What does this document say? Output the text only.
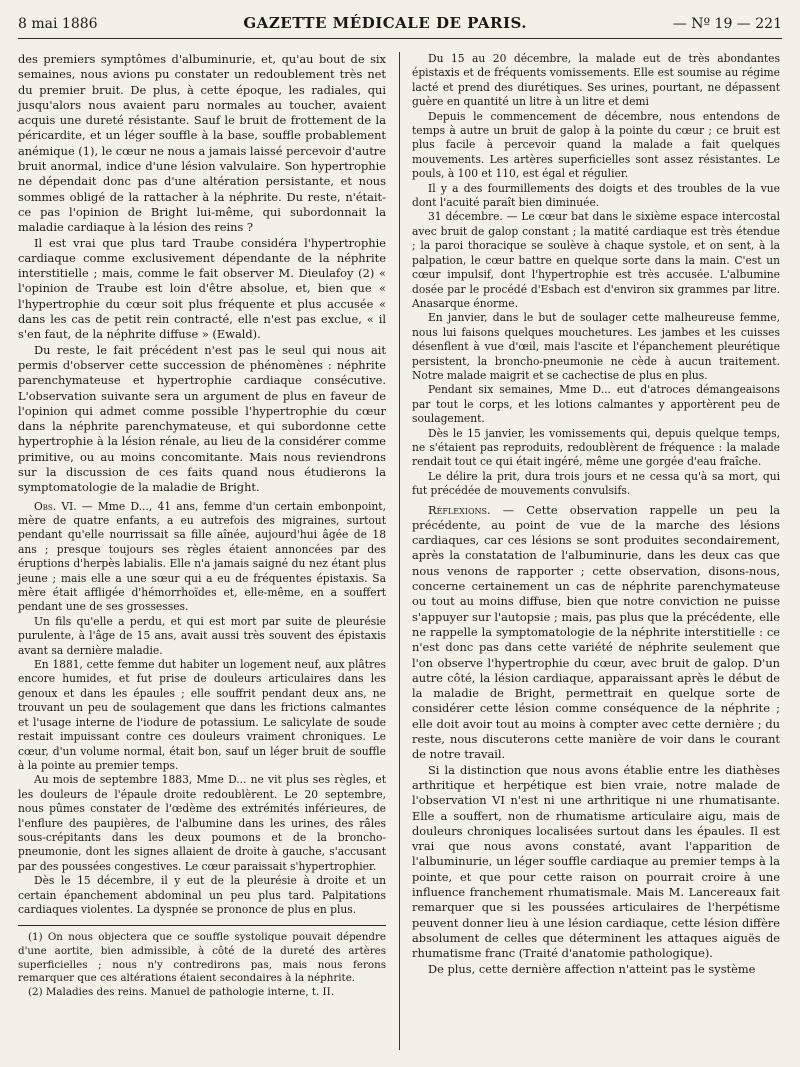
8 mai 1886	GAZETTE MÉDICALE DE PARIS.	— Nº 19 — 221

des premiers symptômes d'albuminurie, et, qu'au bout de six semaines, nous avions pu constater un redoublement très net du premier bruit. De plus, à cette époque, les radiales, qui jusqu'alors nous avaient paru normales au toucher, avaient acquis une dureté résistante. Sauf le bruit de frottement de la péricardite, et un léger souffle à la base, souffle probablement anémique (1), le cœur ne nous a jamais laissé percevoir d'autre bruit anormal, indice d'une lésion valvulaire. Son hypertrophie ne dépendait donc pas d'une altération persistante, et nous sommes obligé de la rattacher à la néphrite. Du reste, n'était-ce pas l'opinion de Bright lui-même, qui subordonnait la maladie cardiaque à la lésion des reins ?

Il est vrai que plus tard Traube considéra l'hypertrophie cardiaque comme exclusivement dépendante de la néphrite interstitielle ; mais, comme le fait observer M. Dieulafoy (2) « l'opinion de Traube est loin d'être absolue, et, bien que « l'hypertrophie du cœur soit plus fréquente et plus accusée « dans les cas de petit rein contracté, elle n'est pas exclue, « il s'en faut, de la néphrite diffuse » (Ewald).

Du reste, le fait précédent n'est pas le seul qui nous ait permis d'observer cette succession de phénomènes : néphrite parenchymateuse et hypertrophie cardiaque consécutive. L'observation suivante sera un argument de plus en faveur de l'opinion qui admet comme possible l'hypertrophie du cœur dans la néphrite parenchymateuse, et qui subordonne cette hypertrophie à la lésion rénale, au lieu de la considérer comme primitive, ou au moins concomitante. Mais nous reviendrons sur la discussion de ces faits quand nous étudierons la symptomatologie de la maladie de Bright.

Obs. VI. — Mme D..., 41 ans, femme d'un certain embonpoint, mère de quatre enfants, a eu autrefois des migraines, surtout pendant qu'elle nourrissait sa fille aînée, aujourd'hui âgée de 18 ans ; presque toujours ses règles étaient annoncées par des éruptions d'herpès labialis. Elle n'a jamais saigné du nez étant plus jeune ; mais elle a une sœur qui a eu de fréquentes épistaxis. Sa mère était affligée d'hémorrhoïdes et, elle-même, en a souffert pendant une de ses grossesses.

Un fils qu'elle a perdu, et qui est mort par suite de pleurésie purulente, à l'âge de 15 ans, avait aussi très souvent des épistaxis avant sa dernière maladie.

En 1881, cette femme dut habiter un logement neuf, aux plâtres encore humides, et fut prise de douleurs articulaires dans les genoux et dans les épaules ; elle souffrit pendant deux ans, ne trouvant un peu de soulagement que dans les frictions calmantes et l'usage interne de l'iodure de potassium. Le salicylate de soude restait impuissant contre ces douleurs vraiment chroniques. Le cœur, d'un volume normal, était bon, sauf un léger bruit de souffle à la pointe au premier temps.

Au mois de septembre 1883, Mme D... ne vit plus ses règles, et les douleurs de l'épaule droite redoublèrent. Le 20 septembre, nous pûmes constater de l'œdème des extrémités inférieures, de l'enflure des paupières, de l'albumine dans les urines, des râles sous-crépitants dans les deux poumons et de la broncho-pneumonie, dont les signes allaient de droite à gauche, s'accusant par des poussées congestives. Le cœur paraissait s'hypertrophier.

Dès le 15 décembre, il y eut de la pleurésie à droite et un certain épanchement abdominal un peu plus tard. Palpitations cardiaques violentes. La dyspnée se prononce de plus en plus.

(1) On nous objectera que ce souffle systolique pouvait dépendre d'une aortite, bien admissible, à côté de la dureté des artères superficielles ; nous n'y contredirons pas, mais nous ferons remarquer que ces altérations étaient secondaires à la néphrite.

(2) Maladies des reins. Manuel de pathologie interne, t. II.

Du 15 au 20 décembre, la malade eut de très abondantes épistaxis et de fréquents vomissements. Elle est soumise au régime lacté et prend des diurétiques. Ses urines, pourtant, ne dépassent guère en quantité un litre à un litre et demi

Depuis le commencement de décembre, nous entendons de temps à autre un bruit de galop à la pointe du cœur ; ce bruit est plus facile à percevoir quand la malade a fait quelques mouvements. Les artères superficielles sont assez résistantes. Le pouls, à 100 et 110, est égal et régulier.

Il y a des fourmillements des doigts et des troubles de la vue dont l'acuité paraît bien diminuée.

31 décembre. — Le cœur bat dans le sixième espace intercostal avec bruit de galop constant ; la matité cardiaque est très étendue ; la paroi thoracique se soulève à chaque systole, et on sent, à la palpation, le cœur battre en quelque sorte dans la main. C'est un cœur impulsif, dont l'hypertrophie est très accusée. L'albumine dosée par le procédé d'Esbach est d'environ six grammes par litre. Anasarque énorme.

En janvier, dans le but de soulager cette malheureuse femme, nous lui faisons quelques mouchetures. Les jambes et les cuisses désenflent à vue d'œil, mais l'ascite et l'épanchement pleurétique persistent, la broncho-pneumonie ne cède à aucun traitement. Notre malade maigrit et se cachectise de plus en plus.

Pendant six semaines, Mme D... eut d'atroces démangeaisons par tout le corps, et les lotions calmantes y apportèrent peu de soulagement.

Dès le 15 janvier, les vomissements qui, depuis quelque temps, ne s'étaient pas reproduits, redoublèrent de fréquence : la malade rendait tout ce qui était ingéré, même une gorgée d'eau fraîche.

Le délire la prit, dura trois jours et ne cessa qu'à sa mort, qui fut précédée de mouvements convulsifs.

Réflexions. — Cette observation rappelle un peu la précédente, au point de vue de la marche des lésions cardiaques, car ces lésions se sont produites secondairement, après la constatation de l'albuminurie, dans les deux cas que nous venons de rapporter ; cette observation, disons-nous, concerne certainement un cas de néphrite parenchymateuse ou tout au moins diffuse, bien que notre conviction ne puisse s'appuyer sur l'autopsie ; mais, pas plus que la précédente, elle ne rappelle la symptomatologie de la néphrite interstitielle : ce n'est donc pas dans cette variété de néphrite seulement que l'on observe l'hypertrophie du cœur, avec bruit de galop. D'un autre côté, la lésion cardiaque, apparaissant après le début de la maladie de Bright, permettrait en quelque sorte de considérer cette lésion comme conséquence de la néphrite ; elle doit avoir tout au moins à compter avec cette dernière ; du reste, nous discuterons cette manière de voir dans le courant de notre travail.

Si la distinction que nous avons établie entre les diathèses arthritique et herpétique est bien vraie, notre malade de l'observation VI n'est ni une arthritique ni une rhumatisante. Elle a souffert, non de rhumatisme articulaire aigu, mais de douleurs chroniques localisées surtout dans les épaules. Il est vrai que nous avons constaté, avant l'apparition de l'albuminurie, un léger souffle cardiaque au premier temps à la pointe, et que pour cette raison on pourrait croire à une influence franchement rhumatismale. Mais M. Lancereaux fait remarquer que si les poussées articulaires de l'herpétisme peuvent donner lieu à une lésion cardiaque, cette lésion diffère absolument de celles que déterminent les attaques aiguës de rhumatisme franc (Traité d'anatomie pathologique).

De plus, cette dernière affection n'atteint pas le système
